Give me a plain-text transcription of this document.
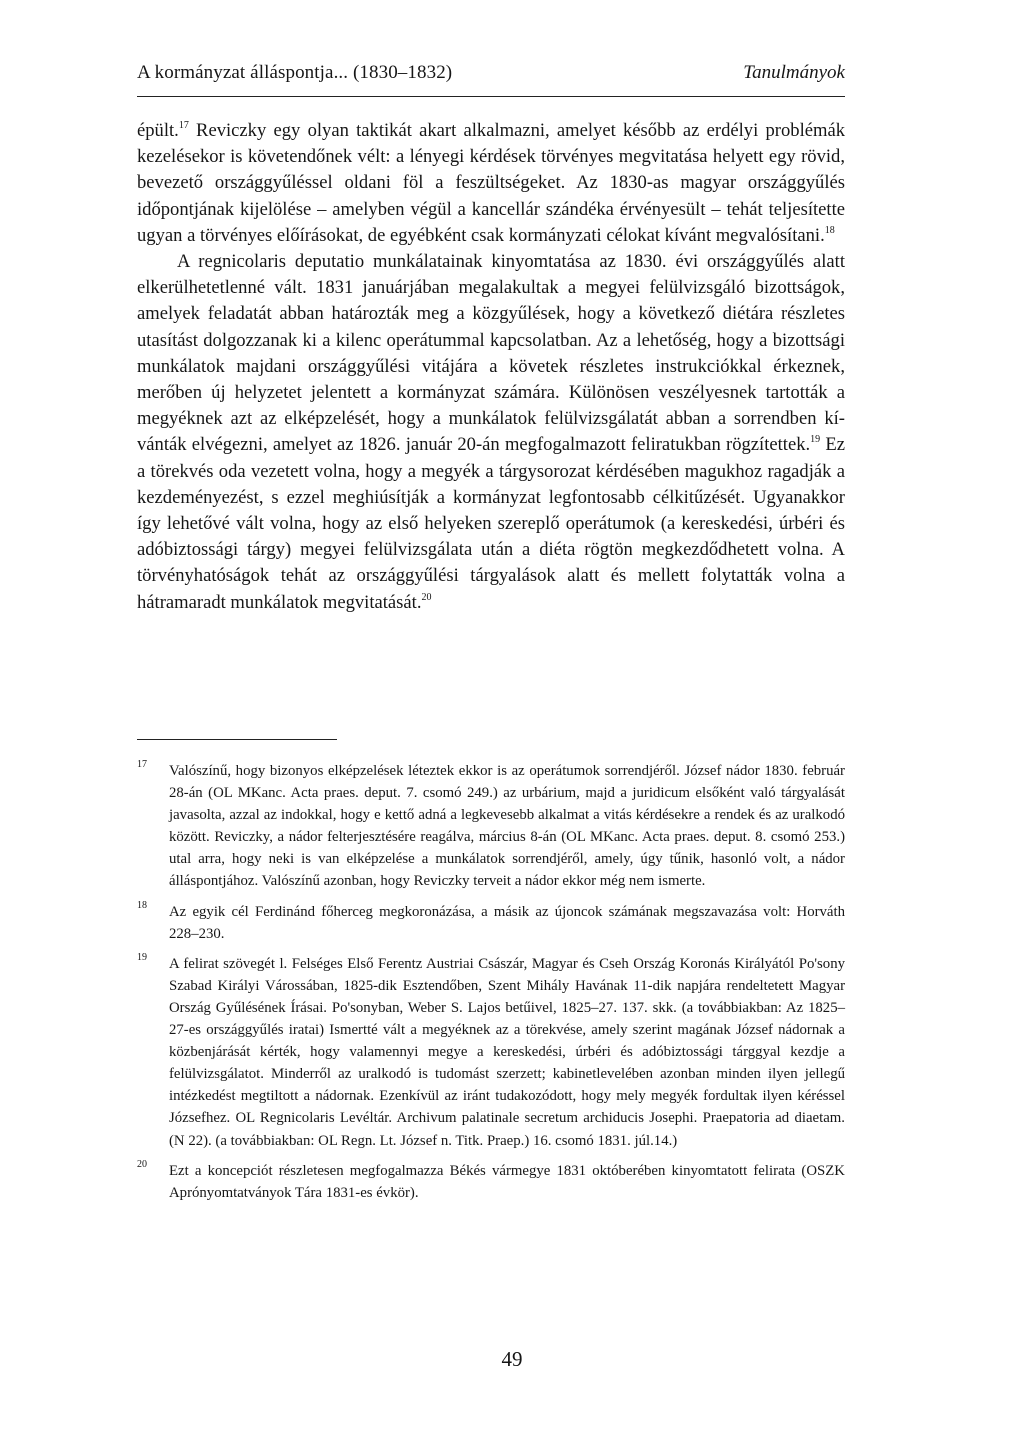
A kormányzat álláspontja... (1830–1832)	Tanulmányok

épült.$^{17}$ Reviczky egy olyan taktikát akart alkalmazni, amelyet később az erdélyi problémák kezelésekor is követendőnek vélt: a lényegi kérdések törvényes megvitatása helyett egy rövid, bevezető országgyűléssel oldani föl a feszültségeket. Az 1830-as magyar országgyűlés időpontjának kijelölése – amelyben végül a kancellár szándéka érvényesült – tehát teljesítette ugyan a törvényes előírásokat, de egyébként csak kormányzati célokat kívánt megvalósítani.$^{18}$

A regnicolaris deputatio munkálatainak kinyomtatása az 1830. évi országgyűlés alatt elkerülhetetlenné vált. 1831 januárjában megalakultak a megyei felülvizsgáló bizottságok, amelyek feladatát abban határozták meg a közgyűlések, hogy a következő diétára részletes utasítást dolgozzanak ki a kilenc operátummal kapcsolatban. Az a lehetőség, hogy a bizottsági munkálatok majdani országgyűlési vitájára a követek részletes instrukciókkal érkeznek, merőben új helyzetet jelentett a kormányzat számára. Különösen veszélyesnek tartották a megyéknek azt az elképzelését, hogy a munkálatok felülvizsgálatát abban a sorrendben kívánták elvégezni, amelyet az 1826. január 20-án megfogalmazott feliratukban rögzítettek.$^{19}$ Ez a törekvés oda vezetett volna, hogy a megyék a tárgysorozat kérdésében magukhoz ragadják a kezdeményezést, s ezzel meghiúsítják a kormányzat legfontosabb célkitűzését. Ugyanakkor így lehetővé vált volna, hogy az első helyeken szereplő operátumok (a kereskedési, úrbéri és adóbiztossági tárgy) megyei felülvizsgálata után a diéta rögtön megkezdődhetett volna. A törvényhatóságok tehát az országgyűlési tárgyalások alatt és mellett folytatták volna a hátramaradt munkálatok megvitatását.$^{20}$

17 Valószínű, hogy bizonyos elképzelések léteztek ekkor is az operátumok sorrendjéről. József nádor 1830. február 28-án (OL MKanc. Acta praes. deput. 7. csomó 249.) az urbárium, majd a juridicum elsőként való tárgyalását javasolta, azzal az indokkal, hogy e kettő adná a legkevesebb alkalmat a vitás kérdésekre a rendek és az uralkodó között. Reviczky, a nádor felterjesztésére reagálva, március 8-án (OL MKanc. Acta praes. deput. 8. csomó 253.) utal arra, hogy neki is van elképzelése a munkálatok sorrendjéről, amely, úgy tűnik, hasonló volt, a nádor álláspontjához. Valószínű azonban, hogy Reviczky terveit a nádor ekkor még nem ismerte.
18 Az egyik cél Ferdinánd főherceg megkoronázása, a másik az újoncok számának megszavazása volt: Horváth 228–230.
19 A felirat szövegét l. Felséges Első Ferentz Austriai Császár, Magyar és Cseh Ország Koronás Királyától Po'sony Szabad Királyi Várossában, 1825-dik Esztendőben, Szent Mihály Havának 11-dik napjára rendeltetett Magyar Ország Gyűlésének Írásai. Po'sonyban, Weber S. Lajos betűivel, 1825–27. 137. skk. (a továbbiakban: Az 1825–27-es országgyűlés iratai) Ismertté vált a megyéknek az a törekvése, amely szerint magának József nádornak a közbenjárását kérték, hogy valamennyi megye a kereskedési, úrbéri és adóbiztossági tárggyal kezdje a felülvizsgálatot. Minderről az uralkodó is tudomást szerzett; kabinetlevelében azonban minden ilyen jellegű intézkedést megtiltott a nádornak. Ezenkívül az iránt tudakozódott, hogy mely megyék fordultak ilyen kéréssel Józsefhez. OL Regnicolaris Levéltár. Archivum palatinale secretum archiducis Josephi. Praepatoria ad diaetam. (N 22). (a továbbiakban: OL Regn. Lt. József n. Titk. Praep.) 16. csomó 1831. júl.14.)
20 Ezt a koncepciót részletesen megfogalmazza Békés vármegye 1831 októberében kinyomtatott felirata (OSZK Aprónyomtatványok Tára 1831-es évkör).
49
